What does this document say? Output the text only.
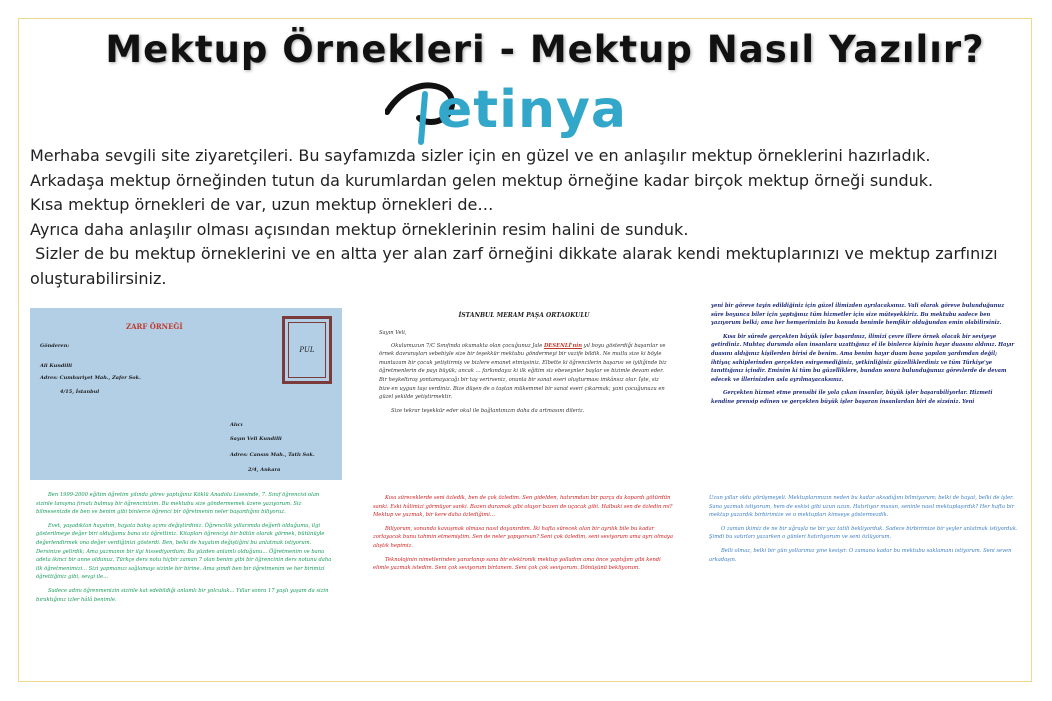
Mektup Örnekleri - Mektup Nasıl Yazılır?
etinya

Merhaba sevgili site ziyaretçileri. Bu sayfamızda sizler için en güzel ve en anlaşılır mektup örneklerini hazırladık.

Arkadaşa mektup örneğinden tutun da kurumlardan gelen mektup örneğine kadar birçok mektup örneği sunduk.

Kısa mektup örnekleri de var, uzun mektup örnekleri de…

Ayrıca daha anlaşılır olması açısından mektup örneklerinin resim halini de sunduk.

Sizler de bu mektup örneklerini ve en altta yer alan zarf örneğini dikkate alarak kendi mektuplarınızı ve mektup zarfınızı oluşturabilirsiniz.

ZARF ÖRNEĞİ
PUL
Gönderen:
Ali Kundilli
Adres: Cumhuriyet Mah., Zafer Sok.
4/15, İstanbul
Alıcı
Sayın Veli Kundilli
Adres: Cansın Mah., Tatlı Sok.
2/4, Ankara
İSTANBUL MERAM PAŞA ORTAOKULU

Sayın Veli,

Okulumuzun 7/C Sınıfında okumakta olan çocuğunuz Jale DESENLİ'nin yıl boyu gösterdiği başarılar ve örnek davranışları sebebiyle size bir teşekkür mektubu göndermeyi bir vazife bildik. Ne mutlu size ki böyle muntazam bir çocuk yetiştirmiş ve bizlere emanet etmişsiniz. Elbette ki öğrencilerin başarısı ve iyiliğinde biz öğretmenlerin de payı büyük; ancak ... farkındayız ki ilk eğitim siz ebeveynler başlar ve bizimle devam eder. Bir heykeltıraş yontamayacağı bir taş verirseniz, onunla bir sanat eseri oluşturması imkânsız olur. İşte, siz bize en uygun taşı verdiniz. Bize düşen de o taştan mükemmel bir sanat eseri çıkarmak; yani çocuğunuzu en güzel şekilde yetiştirmektir.

Size tekrar teşekkür eder okul ile bağlantınızın daha da artmasını dileriz.

yeni bir göreve tayin edildiğiniz için güzel ilimizden ayrılacaksınız. Vali olarak göreve bulunduğunuz süre boyunca biler için yaptığınız tüm hizmetler için size müteşekkiriz. Bu mektubu sadece ben yazıyorum belki; ama her hemşerimizin bu konuda benimle hemfikir olduğundan emin olabilirsiniz.

Kısa bir sürede gerçekten büyük işler başardınız, ilimizi çevre illere örnek olacak bir seviyeye getirdiniz. Muhtaç durumda olan insanlara uzattığınız el ile binlerce kişinin hayır duasını aldınız. Hayır duasını aldığınız kişilerden birisi de benim. Ama benim hayır duam bana yapılan yardımdan değil; ihtiyaç sahiplerinden gerçekten esirgemediğiniz, yetkinliğiniz güzelliklerdiniz ve tüm Türkiye'ye tanıttığınız içindir. Eminim ki tüm bu güzelliklere, bundan sonra bulunduğunuz görevlerde de devam edecek ve illerinizden asla ayrılmayacaksınız.

Gerçekten hizmet etme prensibi ile yola çıkan insanlar, büyük işler başarabiliyorlar. Hizmeti kendine prensip edinen ve gerçekten büyük işler başaran insanlardan biri de sizsiniz. Yeni

Ben 1999-2000 eğitim öğretim yılında görev yaptığınız Köklü Anadolu Lisesinde, 7. Sınıf öğrencisi olan sizinle tanışma fırsatı bulmuş bir öğrencinizim. Bu mektubu size göndermemek üzere yazıyorum. Siz bilmesenizde de ben ve benim gibi binlerce öğrenci bir öğretmenin neler başardığını biliyoruz.

Evet, yaşadıktan hayatım, hayata bakış açımı değiştirdiniz. Öğrencilik yıllarımda değerli olduğumu, ilgi gösterilmeye değer biri olduğumu bana siz öğrettiniz. Kitapları öğrenciyi bir bütün olarak görmek, bütünüyle değerlendirmek ona değer verdiğinizi gösterdi. Ben, belki de hayatım değiştiğini bu anlatmak istiyorum. Dersinize gelirdik; Ama yazmanın bir ilgi hissediyordum; Bu yüzden anlamlı olduğunu... Öğretmenim ve bana adeta ikinci bir anne oldunuz. Türkçe ders notu hiçbir zaman 7 olan benim gibi bir öğrencinin ders notunu daha ilk öğretmenimizi... Sizi yapmanızı sağlamayı sizinle bir birine. Ama şimdi ben bir öğretmenim ve her birimizi öğrettiğiniz gibi, sevgi ile...

Sadece adını öğrenmenizin sizinle kat edebildiği anlamlı bir yolculuk... Yıllar sonra 17 yaşlı yaşam da sizin bıraktığınız izler hâlâ benimle.

Kısa süreceklerde seni özledik, ben de çok özledim. Sen gidelden, hatırımdan bir parça da kopardı götürdün sanki. Eski hâlimizi görmüyor sanki. Bazen duramak gibi oluyor bazen de uçacak gibi. Halbuki sen de özledin mi? Mektup ve yazmak, bir kere daha özlediğimi...

Biliyorum, sonunda kavuşmak olmasa nasıl dayanırdım. İki hafta sürecek olan bir ayrılık bile bu kadar zorlayacak bunu tahmin etmemiştim. Sen de neler yapıyorsun? Seni çok özledim, seni seviyorum ama ayrı olmaya alıştık hepimiz.

Teknolojinin nimetlerinden yararlanıp sana bir elektronik mektup yolladım ama önce yaptığım gibi kendi elimle yazmak istedim. Seni çok seviyorum birtanem. Seni çok çok seviyorum. Dönüşünü bekliyorum.

Uzun yıllar oldu görüşmeyeli. Mektuplarımızın neden bu kadar aksadığını bilmiyorum; belki de hayat, belki de işler. Sana yazmak istiyorum, hem de eskisi gibi uzun uzun. Hatırlıyor musun, seninle nasıl mektuplaşırdık? Her hafta bir mektup yazardık birbirimize ve o mektupları kimseye göstermezdik.

O zaman ikimiz de ne bir uğraşla ne bir yaz tatili bekliyorduk. Sadece birbirimize bir şeyler anlatmak istiyorduk. Şimdi bu satırları yazarken o günleri hatırlıyorum ve seni özlüyorum.

Belli olmaz, belki bir gün yollarımız yine kesişir. O zamana kadar bu mektubu saklamanı istiyorum. Seni seven arkadaşın.
